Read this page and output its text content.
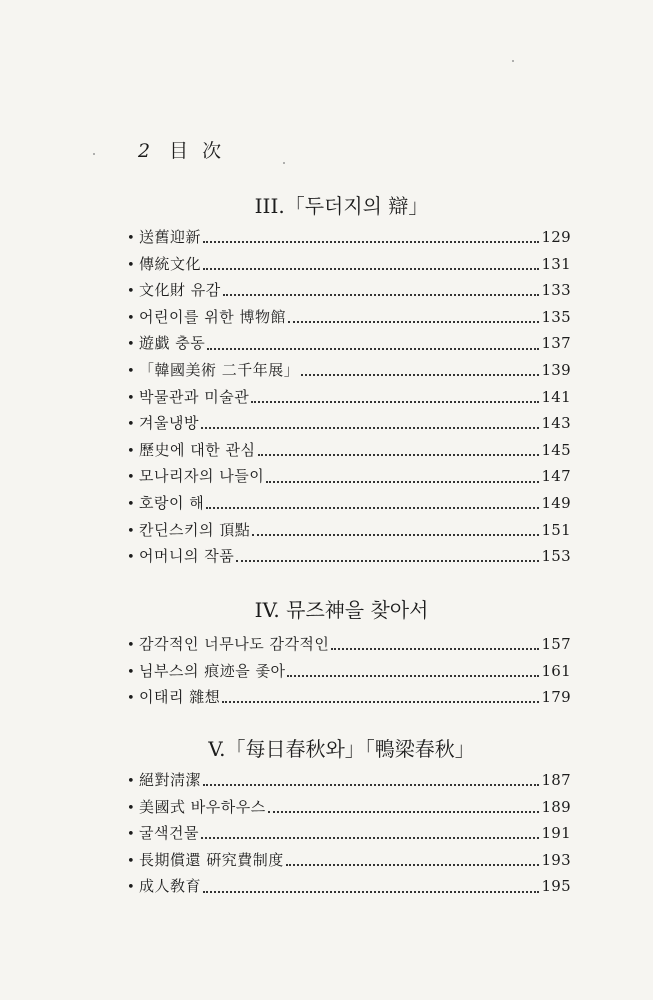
2 目次
III.「두더지의 辯」
• 送舊迎新	129
• 傳統文化	131
• 文化財 유감	133
• 어린이를 위한 博物館	135
• 遊戱 충동	137
• 「韓國美術 二千年展」	139
• 박물관과 미술관	141
• 겨울냉방	143
• 歷史에 대한 관심	145
• 모나리자의 나들이	147
• 호랑이 해	149
• 칸딘스키의 頂點	151
• 어머니의 작품	153
IV. 뮤즈神을 찾아서
• 감각적인 너무나도 감각적인	157
• 님부스의 痕迹을 좇아	161
• 이태리 雜想	179
V.「每日春秋와」「鴨梁春秋」
• 絕對淸潔	187
• 美國式 바우하우스	189
• 굴색건물	191
• 長期償還 硏究費制度	193
• 成人敎育	195
